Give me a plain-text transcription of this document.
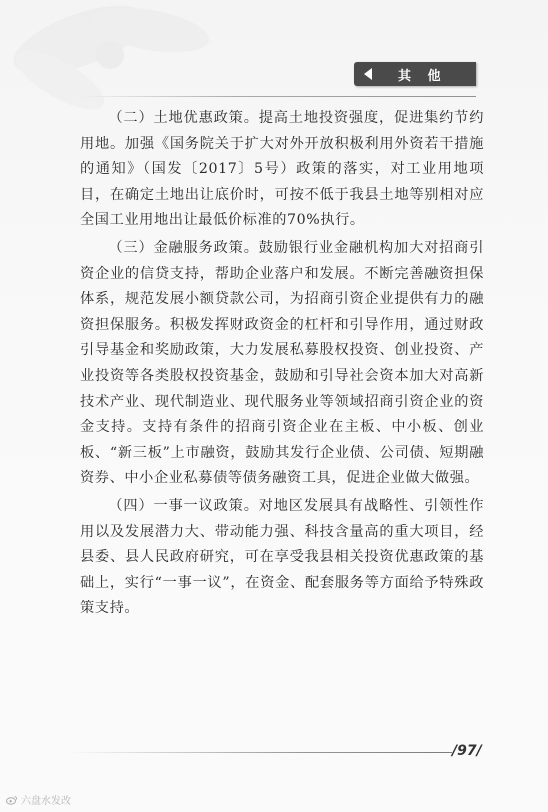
其 他

（二）土地优惠政策。提高土地投资强度，促进集约节约用地。加强《国务院关于扩大对外开放积极利用外资若干措施的通知》（国发〔2017〕5号）政策的落实，对工业用地项目，在确定土地出让底价时，可按不低于我县土地等别相对应全国工业用地出让最低价标准的70%执行。

（三）金融服务政策。鼓励银行业金融机构加大对招商引资企业的信贷支持，帮助企业落户和发展。不断完善融资担保体系，规范发展小额贷款公司，为招商引资企业提供有力的融资担保服务。积极发挥财政资金的杠杆和引导作用，通过财政引导基金和奖励政策，大力发展私募股权投资、创业投资、产业投资等各类股权投资基金，鼓励和引导社会资本加大对高新技术产业、现代制造业、现代服务业等领域招商引资企业的资金支持。支持有条件的招商引资企业在主板、中小板、创业板、“新三板”上市融资，鼓励其发行企业债、公司债、短期融资券、中小企业私募债等债务融资工具，促进企业做大做强。

（四）一事一议政策。对地区发展具有战略性、引领性作用以及发展潜力大、带动能力强、科技含量高的重大项目，经县委、县人民政府研究，可在享受我县相关投资优惠政策的基础上，实行“一事一议”，在资金、配套服务等方面给予特殊政策支持。

/97/
六盘水发改
